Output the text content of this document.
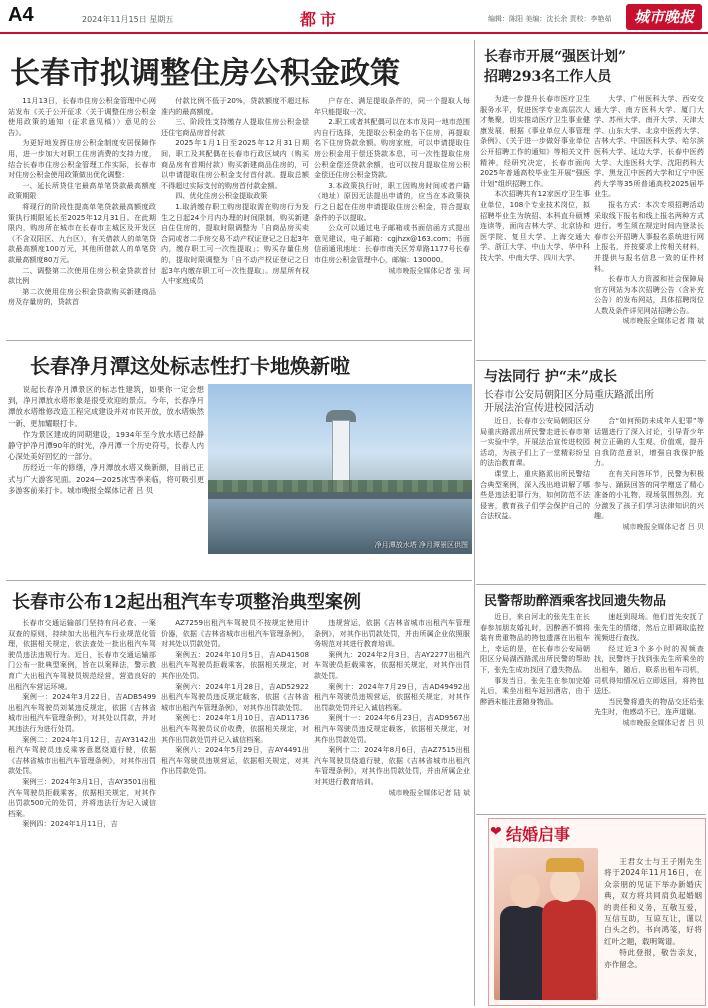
A4	2024年11月15日 星期五	都市	编辑：陈阳 美编：沈长余 责校：李艳茹	城市晚报
长春市拟调整住房公积金政策

11月13日，长春市住房公积金管理中心网站发布《关于公开征求〈关于调整住房公积金使用政策的通知（征求意见稿）〉意见的公告》。

为更好地发挥住房公积金制度安居保障作用，进一步加大对职工住房消费的支持力度，结合长春市住房公积金管理工作实际，长春市对住房公积金使用政策做出优化调整：

一、延长所贷住宅最高单笔贷款最高额度政策期限

将现行的阶段性提高单笔贷款最高额度政策执行期限延长至2025年12月31日。在此期限内，购房所在城市在长春市主城区及开发区（不含双阳区、九台区），有关借款人的单笔贷款最高额度100万元，其他所借款人的单笔贷款最高额度80万元。

二、调整第二次使用住房公积金贷款首付款比例

第二次使用住房公积金贷款购买新建商品房及存量房的，贷款首

付款比例不低于20%，贷款额度不超过标准内的最高额度。

三、阶段性支持缴存人提取住房公积金偿还住宅商品房首付款

2025年1月1日至2025年12月31日期间，职工及其配偶在长春市行政区域内（购买商品房有首期付款）购买新建商品住房的，可以申请提取住房公积金支付首付款。提取总额不得超过实际支付的购房首付款金额。

四、优化住房公积金提取政策

1.取消缴存职工购房提取需在购房行为发生之日起24个月内办理的时间限制，购买新建自住住房的，提取时限调整为「自商品房买卖合同或者二手房交易不动产权证登记之日起3年内，缴存职工可一次性提取」；购买存量住房的，提取时限调整为「自不动产权证登记之日起3年内缴存职工可一次性提取」。房屋所有权人中家庭成员

户存在、满足提取条件的，同一个提取人每年只能提取一次。

2.职工或者其配偶可以在本市及同一地市范围内自行选择，先提取公积金的名下住房，再提取名下住房贷款余额。购房家庭，可以申请提取住房公积金用于偿还贷款本息，可一次性提取住房公积金偿还贷款余额，也可以按月提取住房公积金偿还住房公积金贷款。

3.本政策执行时，职工因购房时间或者户籍（地址）原因无法提出申请的，应当在本政策执行之日起在住房申请提取住房公积金，符合提取条件的予以提取。

公众可以通过电子邮箱或书面信函方式提出意见建议，电子邮箱：cgjhzx@163.com；书面信函通讯地址：长春市南关区芳草路1177号长春市住房公积金管理中心，邮编：130000。

城市晚报全媒体记者 张 珂
长春市开展“强医计划”
招聘293名工作人员

为进一步提升长春市医疗卫生服务水平，促进医学专业高层次人才集聚，切实推动医疗卫生事业健康发展，根据《事业单位人事管理条例》、《关于进一步做好事业单位公开招聘工作的通知》等相关文件精神，经研究决定，长春市面向2025年普通高校毕业生开展“强医计划”组织招聘工作。

本次招聘共有12家医疗卫生事业单位，108个专业技术岗位，拟招聘毕业生为统招、本科直升硕博连读等，面向吉林大学、北京协和医学院、复旦大学、上海交通大学、浙江大学、中山大学、华中科技大学、中南大学、四川大学、

大学、广州医科大学、西安交通大学、南方医科大学、厦门大学、苏州大学、南开大学、天津大学、山东大学、北京中医药大学、吉林大学、中国医科大学、哈尔滨医科大学、延边大学、长春中医药大学、大连医科大学、沈阳药科大学、黑龙江中医药大学和辽宁中医药大学等35所普通高校2025届毕业生。

报名方式：本次专项招聘活动采取线下报名和线上报名两种方式进行。考生须在规定时间内登录长春市公开招聘人事报名系统进行网上报名，并按要求上传相关材料，并提供与报名信息一致的证件材料。

长春市人力资源和社会保障局官方网站为本次招聘公告（含补充公告）的发布网站，具体招聘岗位人数及条件详见网站招聘公告。

城市晚报全媒体记者 隋 斌
长春净月潭这处标志性打卡地焕新啦

说起长春净月潭景区的标志性建筑，如果你一定会想到，净月潭放水塔形象是很受欢迎的景点。今年，长春净月潭放水塔维修改造工程完成建设并对市民开放，放水塔焕然一新、更加耀眼打卡。

作为景区建成的同期建设，1934年至今放水塔已经静静守护净月潭90年的时光，净月潭一个历史符号，长春人内心深处美好回忆的一部分。

历经近一年的修缮，净月潭放水塔又焕新颜，目前已正式与广大游客见面。2024—2025冰雪季来临，将可吸引更多游客前来打卡。城市晚报全媒体记者 吕 贝

净月潭放水塔 净月潭景区供图
与法同行 护“未”成长
长春市公安局朝阳区分局重庆路派出所
开展法治宣传进校园活动

近日，长春市公安局朝阳区分局重庆路派出所民警走进长春市第一实验中学，开展法治宣传进校园活动，为孩子们上了一堂精彩纷呈的法治教育课。

课堂上，重庆路派出所民警结合典型案例，深入浅出地讲解了哪些是违法犯罪行为，如何防范不法侵害，教育孩子们学会保护自己的合法权益。

合“如何预防未成年人犯罪”等话题进行了深入讨论，引导青少年树立正确的人生观、价值观，提升自我防范意识，增强自我保护能力。

在有关问答环节，民警为积极参与、踊跃回答的同学赠送了精心准备的小礼物，现场氛围热烈。充分激发了孩子们学习法律知识的兴趣。

城市晚报全媒体记者 吕 贝
长春市公布12起出租汽车专项整治典型案例

长春市交通运输部门坚持有问必查、一案双查的原则，持续加大出租汽车行业规范化管理，依据相关规定，依法查处一批出租汽车驾驶员违法违规行为。近日，长春市交通运输部门公布一批典型案例，旨在以案释法，警示教育广大出租汽车驾驶员规范经营，营造良好的出租汽车营运环境。

案例一：2024年3月22日，吉ADB5499出租汽车驾驶员刘某违反规定，依据《吉林省城市出租汽车管理条例》，对其处以罚款，并对其违法行为进行处罚。

案例二：2024年1月12日，吉AY3142出租汽车驾驶员违反乘客意愿绕道行驶，依据《吉林省城市出租汽车管理条例》，对其作出罚款处罚。

案例三：2024年3月1日，吉AY3501出租汽车驾驶员拒载乘客，依据相关规定，对其作出罚款500元的处罚，并将违法行为记入诚信档案。

案例四：2024年1月11日，吉

AZ7259出租汽车驾驶员不按规定使用计价器，依据《吉林省城市出租汽车管理条例》，对其处以罚款处罚。

案例五：2024年10月5日，吉AD41508出租汽车驾驶员拒载乘客，依据相关规定，对其作出处罚。

案例六：2024年1月28日，吉AD52922出租汽车驾驶员违反规定载客，依据《吉林省城市出租汽车管理条例》，对其作出罚款处罚。

案例七：2024年1月10日，吉AD11736出租汽车驾驶员议价收费，依据相关规定，对其作出罚款处罚并记入诚信档案。

案例八：2024年5月29日，吉AY4491出租汽车驾驶员违规营运，依据相关规定，对其作出罚款处罚。

违规营运，依据《吉林省城市出租汽车管理条例》，对其作出罚款处罚，并由所属企业依照服务规范对其进行教育培训。

案例九：2024年2月3日，吉AY2277出租汽车驾驶员拒载乘客，依据相关规定，对其作出罚款处罚。

案例十：2024年7月29日，吉AD49492出租汽车驾驶员违规营运，依据相关规定，对其作出罚款处罚并记入诚信档案。

案例十一：2024年6月23日，吉AD9567出租汽车驾驶员违反规定载客，依据相关规定，对其作出罚款处罚。

案例十二：2024年8月6日，吉AZ7515出租汽车驾驶员绕道行驶，依据《吉林省城市出租汽车管理条例》，对其作出罚款处罚，并由所属企业对其进行教育培训。

城市晚报全媒体记者 陆 斌
民警帮助醉酒乘客找回遗失物品

近日，来自河北的张先生在长春参加朋友婚礼时，因醉酒不慎将装有贵重物品的挎包遗落在出租车上，幸运的是，在长春市公安局朝阳区分局湖西路派出所民警的帮助下，张先生成功找回了遗失物品。

事发当日，张先生在参加完婚礼后，乘坐出租车返回酒店，由于醉酒未能注意随身物品。

速赶到现场。他们首先安抚了张先生的情绪，然后立即调取监控视频进行查找。

经过近3个多小时的视频查找，民警终于找到张先生所乘坐的出租车，随后，联系出租车司机，司机得知情况后立即返回，将挎包送还。

当民警将遗失的物品交还给张先生时，他感动不已，连声道谢。

城市晚报全媒体记者 吕 贝
❤ 结婚启事

王君女士与王子刚先生将于2024年11月16日，在众亲朋的见证下举办新婚庆典，双方将共同肩负起婚姻的责任和义务，互敬互爱，互信互助，互谅互让，谨以白头之约，书向鸿笺，好将红叶之题，载明鸳谱。

特此登报，敬告亲友，亦作留念。
